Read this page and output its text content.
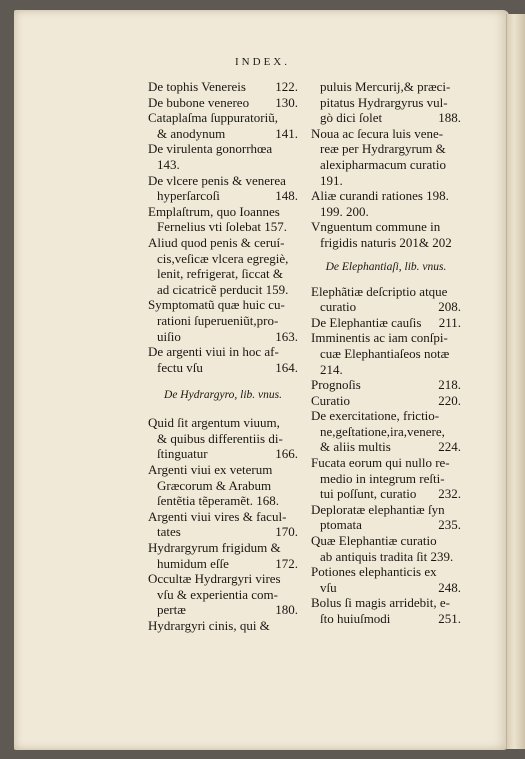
INDEX.
De tophis Venereis 122.
De bubone venereo 130.
Cataplaſma ſuppuratoriũ,
& anodynum	141.
De virulenta gonorrhœa
143.
De vlcere penis & venerea
hyperſarcoſi	148.
Emplaſtrum, quo Ioannes
Fernelius vti ſolebat 157.
Aliud quod penis & ceruí-
cis,veſicæ vlcera egregiè,
lenit, refrigerat, ſiccat &
ad cicatricẽ perducit 159.
Symptomatũ quæ huic cu-
rationi ſuperueniũt,pro-
uiſio	163.
De argenti viui in hoc af-
fectu vſu	164.
De Hydrargyro, lib. vnus.
Quid ſit argentum viuum,
& quibus differentiis di-
ſtinguatur	166.
Argenti viui ex veterum
Græcorum & Arabum
ſentẽtia tẽperamẽt. 168.
Argenti viui vires & facul-
tates	170.
Hydrargyrum frigidum &
humidum eſſe	172.
Occultæ Hydrargyri vires
vſu & experientia com-
pertæ	180.
Hydrargyri cinis, qui &
puluis Mercurij,& præci-
pitatus Hydrargyrus vul-
gò dici ſolet	188.
Noua ac ſecura luis vene-
reæ per Hydrargyrum &
alexipharmacum curatio
191.
Aliæ curandi rationes 198.
199. 200.
Vnguentum commune in
frigidis naturis 201& 202
De Elephantiaſi, lib. vnus.
Elephãtiæ deſcriptio atque
curatio	208.
De Elephantiæ cauſis 211.
Imminentis ac iam conſpi-
cuæ Elephantiaſeos notæ
214.
Prognoſis	218.
Curatio	220.
De exercitatione, frictio-
ne,geſtatione,ira,venere,
& aliis multis	224.
Fucata eorum qui nullo re-
medio in integrum reſti-
tui poſſunt, curatio 232.
Deploratæ elephantiæ ſyn
ptomata	235.
Quæ Elephantiæ curatio
ab antiquis tradita ſit 239.
Potiones elephanticis ex
vſu	248.
Bolus ſi magis arridebit, e-
ſto huiuſmodi	251.
